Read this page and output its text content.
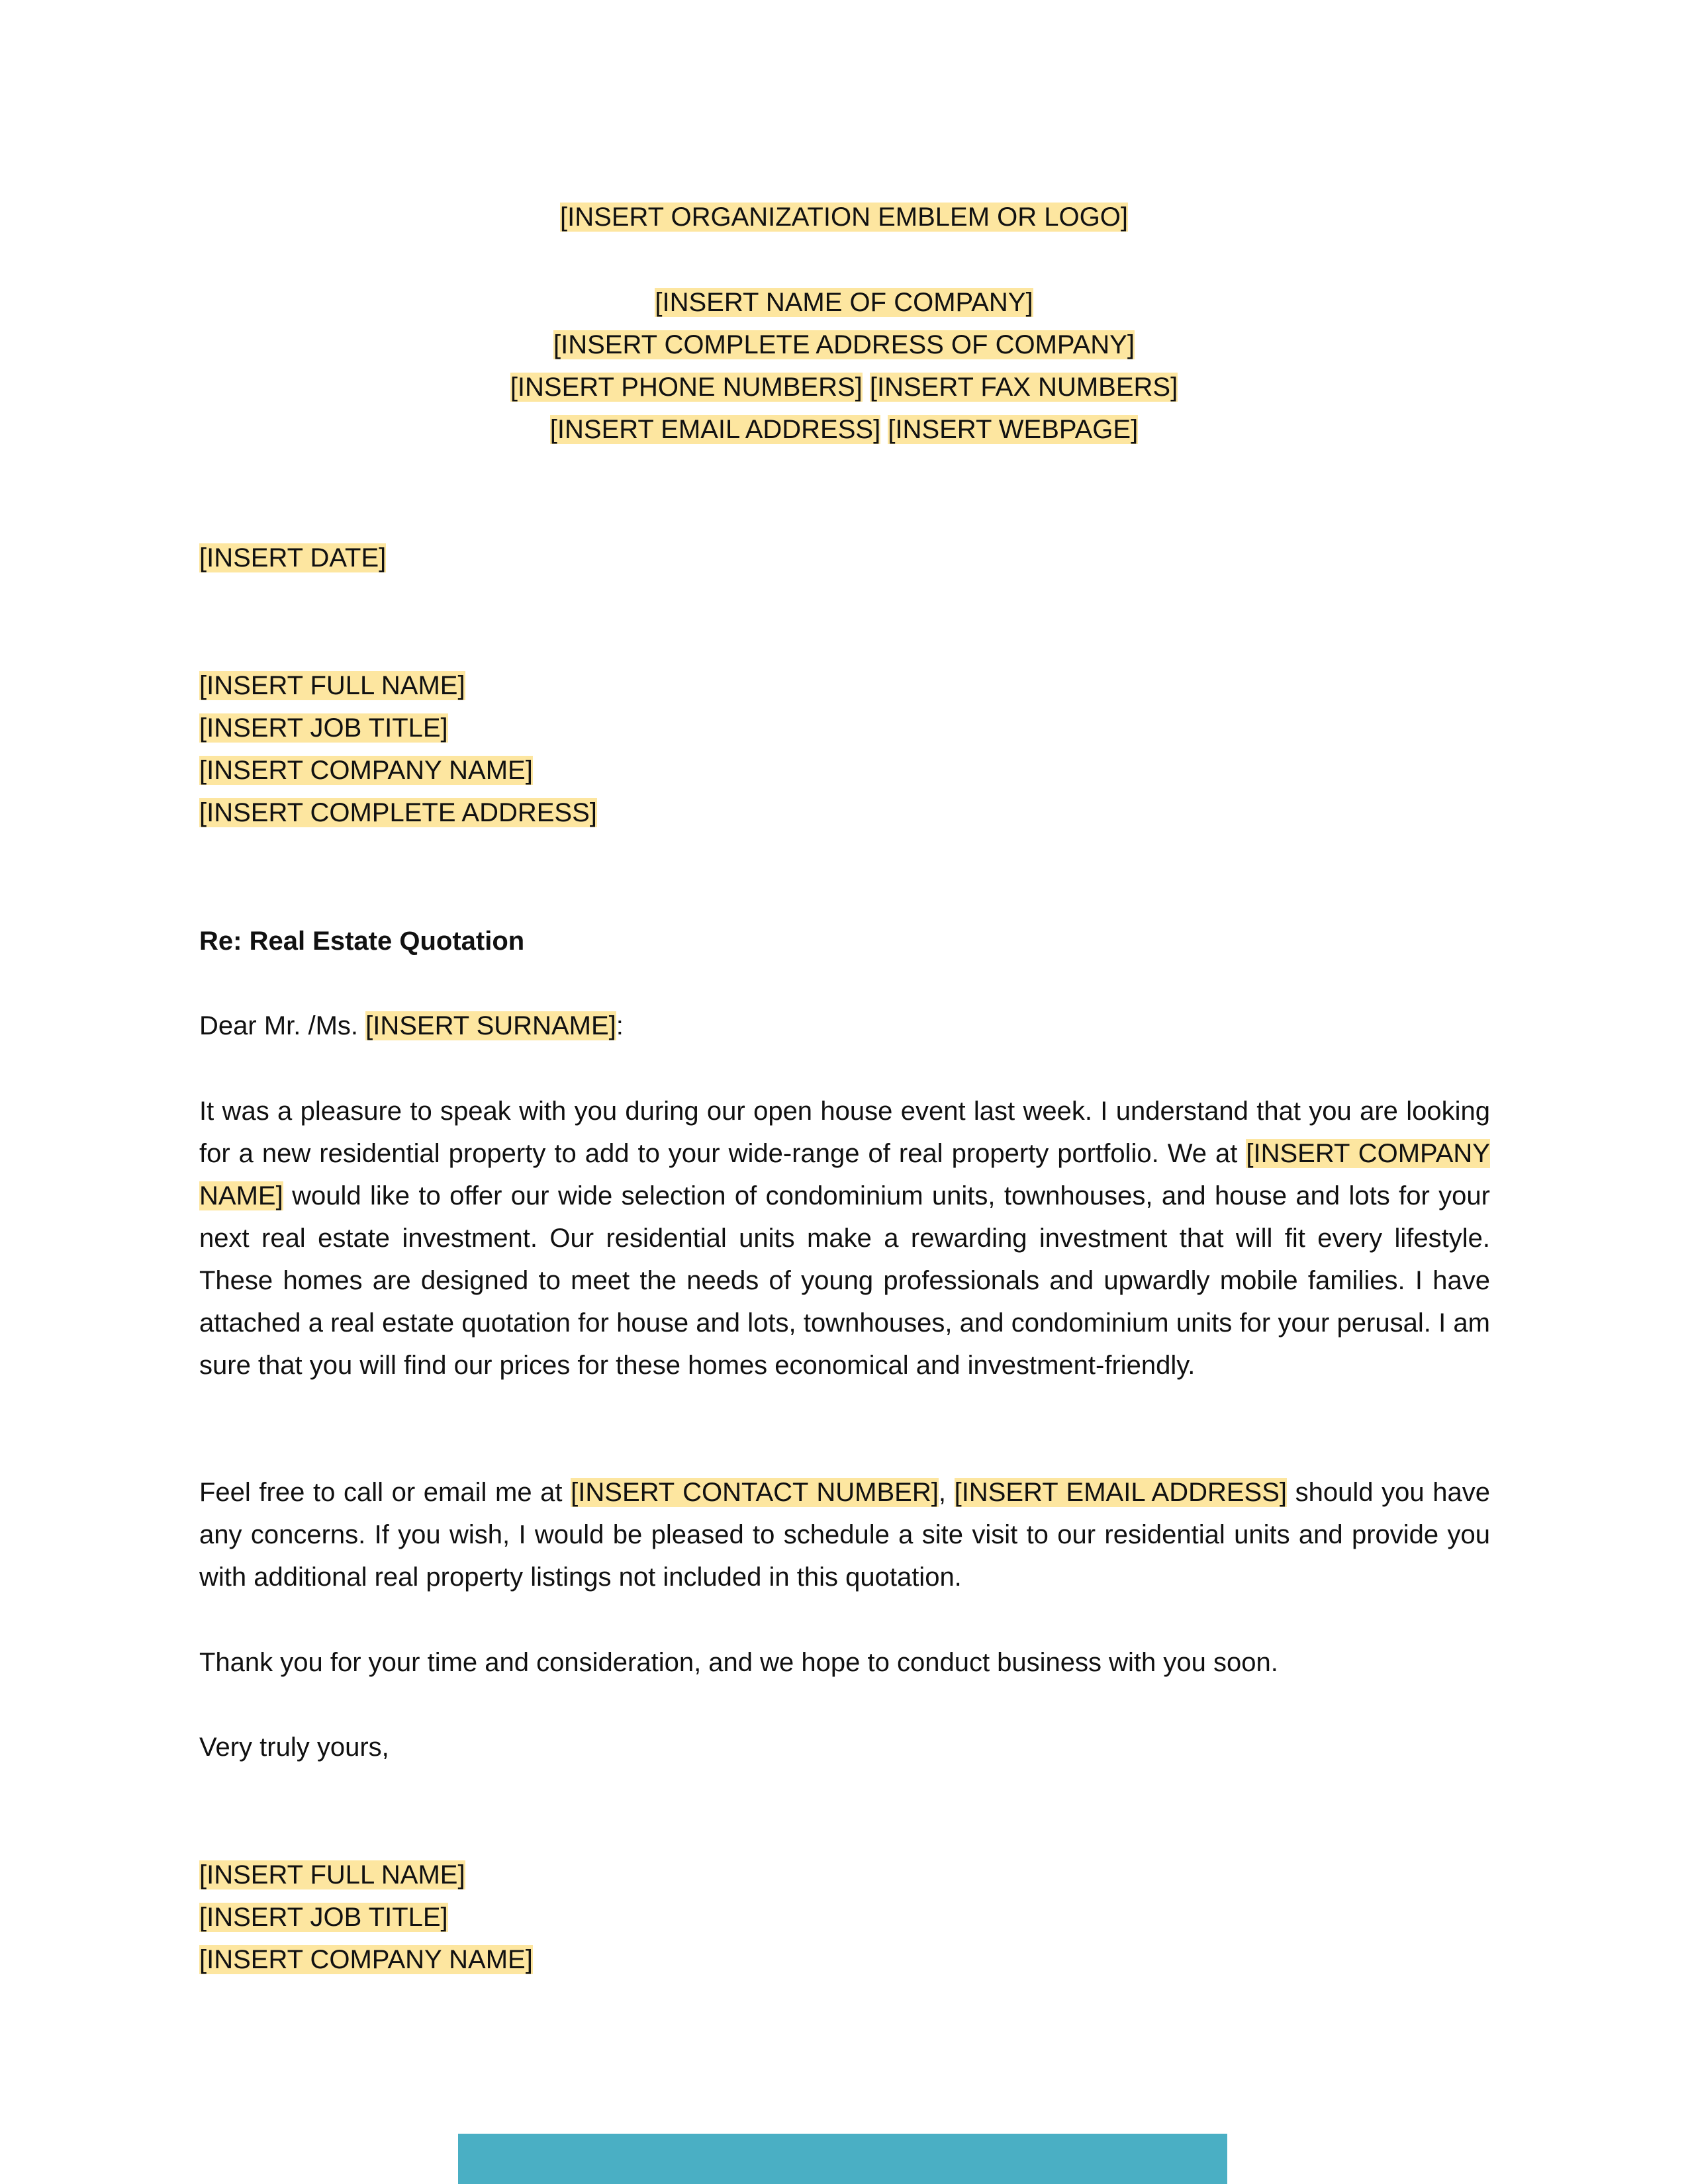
[INSERT ORGANIZATION EMBLEM OR LOGO]
[INSERT NAME OF COMPANY]
[INSERT COMPLETE ADDRESS OF COMPANY]
[INSERT PHONE NUMBERS] [INSERT FAX NUMBERS]
[INSERT EMAIL ADDRESS] [INSERT WEBPAGE]
[INSERT DATE]
[INSERT FULL NAME]
[INSERT JOB TITLE]
[INSERT COMPANY NAME]
[INSERT COMPLETE ADDRESS]
Re: Real Estate Quotation
Dear Mr. /Ms. [INSERT SURNAME]:
It was a pleasure to speak with you during our open house event last week. I understand that you are looking for a new residential property to add to your wide-range of real property portfolio. We at [INSERT COMPANY NAME] would like to offer our wide selection of condominium units, townhouses, and house and lots for your next real estate investment. Our residential units make a rewarding investment that will fit every lifestyle. These homes are designed to meet the needs of young professionals and upwardly mobile families. I have attached a real estate quotation for house and lots, townhouses, and condominium units for your perusal. I am sure that you will find our prices for these homes economical and investment-friendly.
Feel free to call or email me at [INSERT CONTACT NUMBER], [INSERT EMAIL ADDRESS] should you have any concerns. If you wish, I would be pleased to schedule a site visit to our residential units and provide you with additional real property listings not included in this quotation.
Thank you for your time and consideration, and we hope to conduct business with you soon.
Very truly yours,
[INSERT FULL NAME]
[INSERT JOB TITLE]
[INSERT COMPANY NAME]
